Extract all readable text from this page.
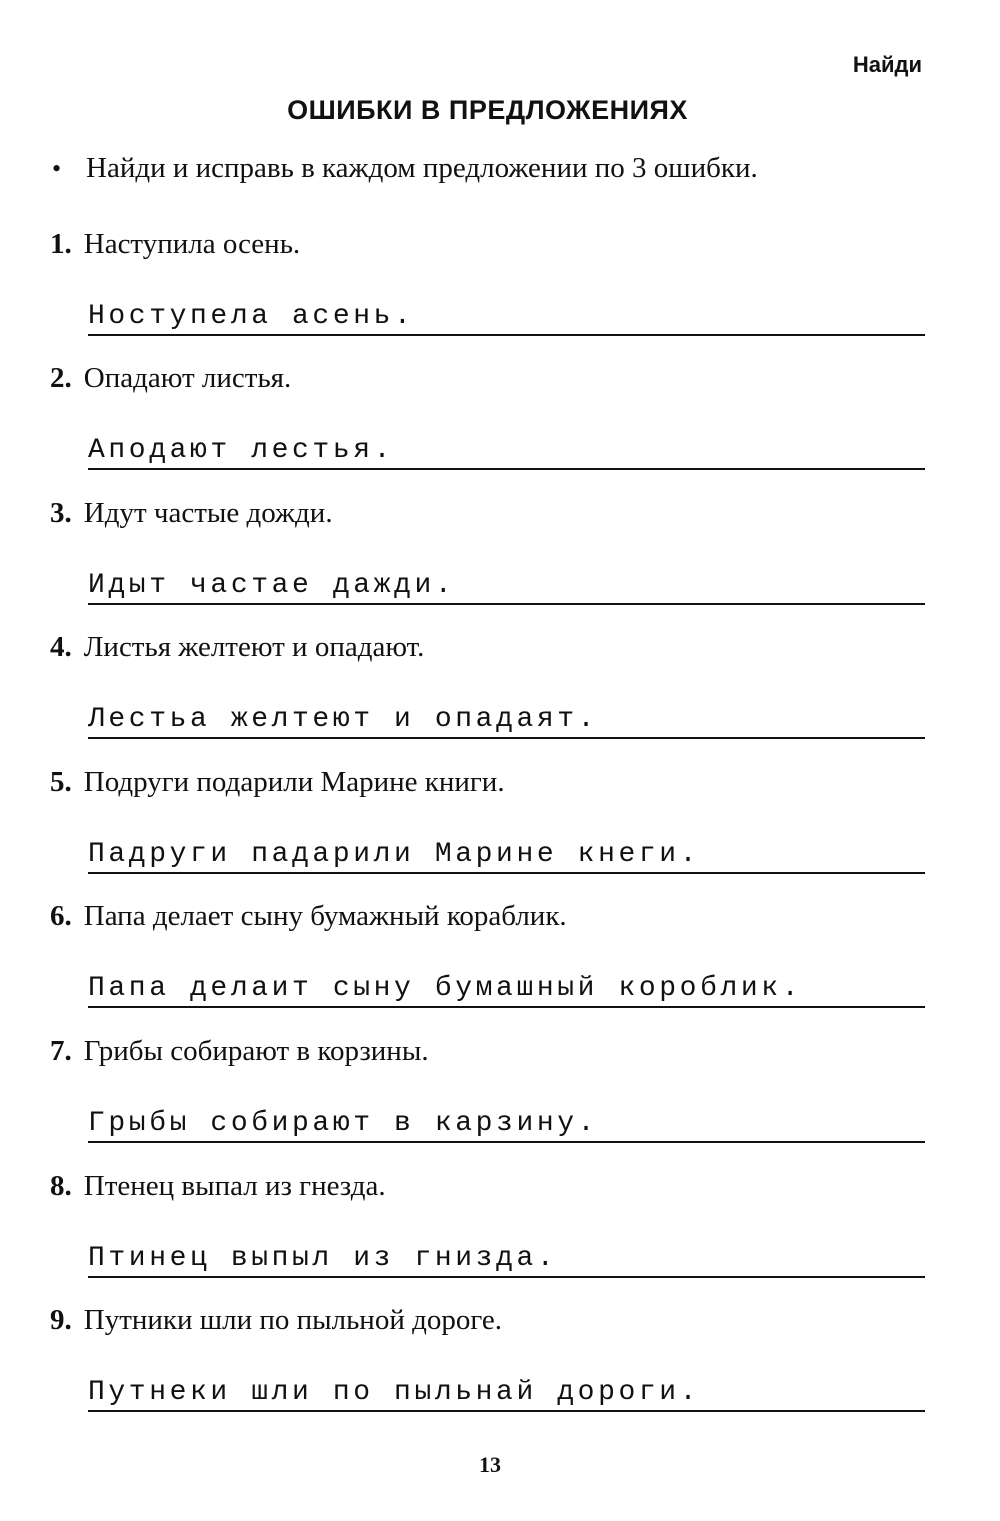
Найди
ОШИБКИ В ПРЕДЛОЖЕНИЯХ
• Найди и исправь в каждом предложении по 3 ошибки.
1. Наступила осень.
Ноступела асень.
2. Опадают листья.
Аподают лестья.
3. Идут частые дожди.
Идыт частае дажди.
4. Листья желтеют и опадают.
Лестьа желтеют и опадаят.
5. Подруги подарили Марине книги.
Падруги падарили Марине кнеги.
6. Папа делает сыну бумажный кораблик.
Папа делаит сыну бумашный короблик.
7. Грибы собирают в корзины.
Грыбы собирают в карзину.
8. Птенец выпал из гнезда.
Птинец выпыл из гнизда.
9. Путники шли по пыльной дороге.
Путнеки шли по пыльнай дороги.
13
